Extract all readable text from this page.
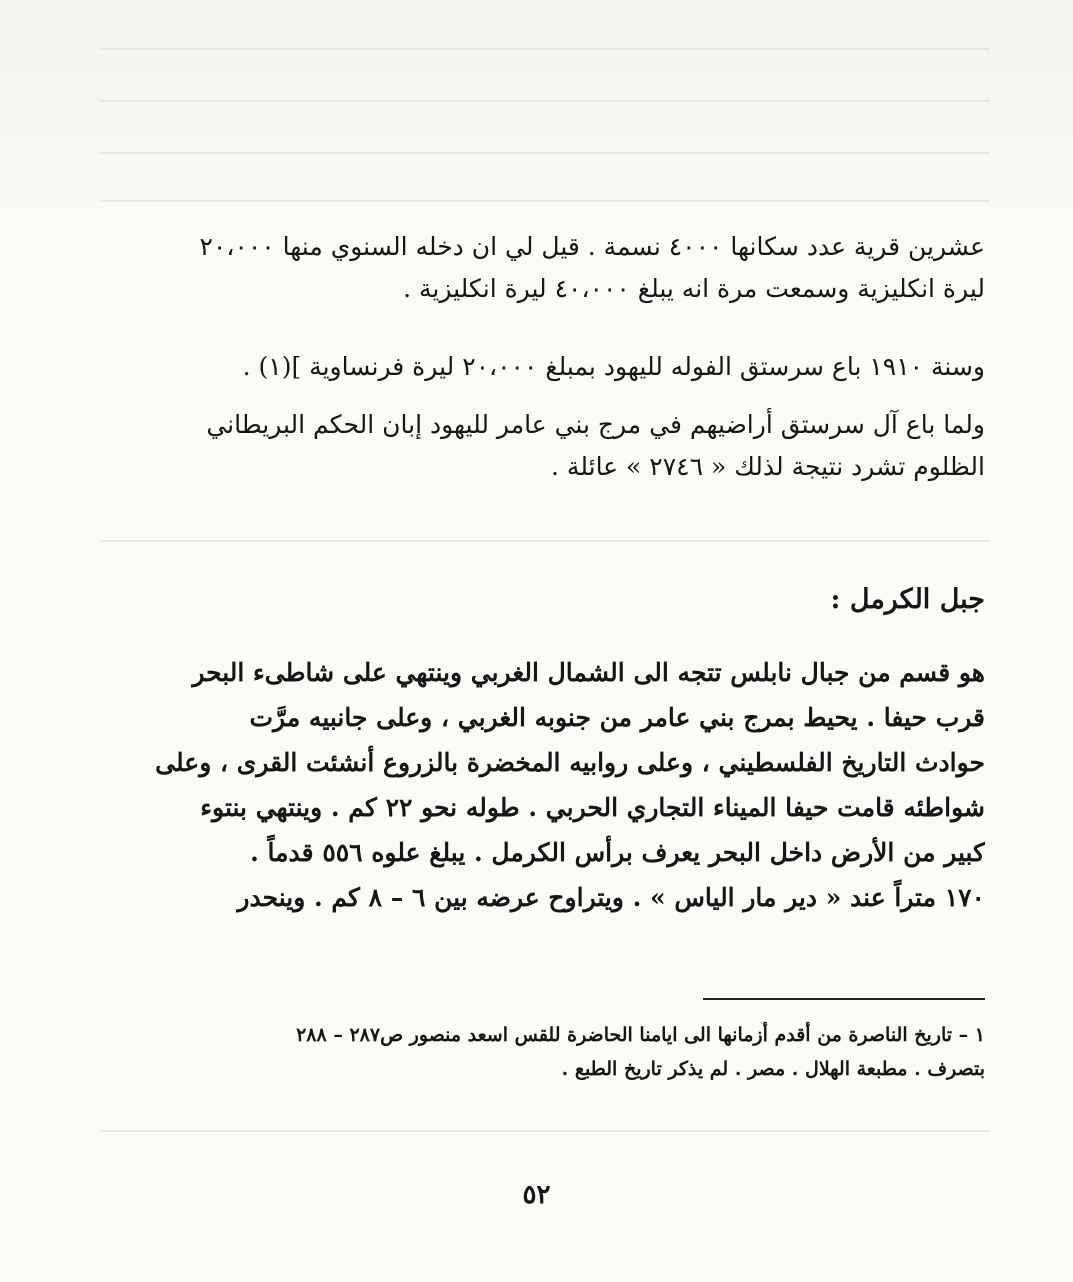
عشرين قرية عدد سكانها ٤٠٠٠ نسمة . قيل لي ان دخله السنوي منها ٢٠،٠٠٠
ليرة انكليزية وسمعت مرة انه يبلغ ٤٠،٠٠٠ ليرة انكليزية .
وسنة ١٩١٠ باع سرستق الفوله لليهود بمبلغ ٢٠،٠٠٠ ليرة فرنساوية ](١) .
ولما باع آل سرستق أراضيهم في مرج بني عامر لليهود إبان الحكم البريطاني
الظلوم تشرد نتيجة لذلك « ٢٧٤٦ » عائلة .
جبل الكرمل :
هو قسم من جبال نابلس تتجه الى الشمال الغربي وينتهي على شاطىء البحر
قرب حيفا . يحيط بمرج بني عامر من جنوبه الغربي ، وعلى جانبيه مرَّت
حوادث التاريخ الفلسطيني ، وعلى روابيه المخضرة بالزروع أنشئت القرى ، وعلى
شواطئه قامت حيفا الميناء التجاري الحربي . طوله نحو ٢٢ كم . وينتهي بنتوء
كبير من الأرض داخل البحر يعرف برأس الكرمل . يبلغ علوه ٥٥٦ قدماً .
١٧٠ متراً عند « دير مار الياس » . ويتراوح عرضه بين ٦ – ٨ كم . وينحدر
١ – تاريخ الناصرة من أقدم أزمانها الى ايامنا الحاضرة للقس اسعد منصور ص٢٨٧ – ٢٨٨
بتصرف . مطبعة الهلال . مصر . لم يذكر تاريخ الطبع .
٥٢
